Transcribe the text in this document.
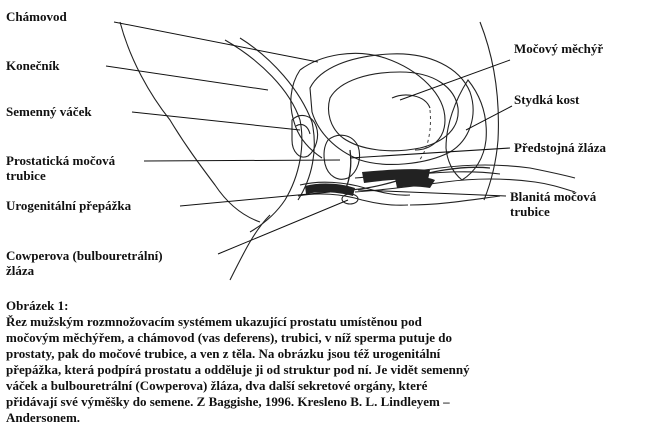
Chámovod
Konečník
Semenný váček
Prostatická močová
trubice
Urogenitální přepážka
Cowperova (bulbouretrální)
žláza
Močový měchýř
Stydká kost
Předstojná žláza
Blanitá močová
trubice
Obrázek 1:
Řez mužským rozmnožovacím systémem ukazující prostatu umístěnou pod
močovým měchýřem, a chámovod (vas deferens), trubici, v níž sperma putuje do
prostaty, pak do močové trubice, a ven z těla. Na obrázku jsou též urogenitální
přepážka, která podpírá prostatu a odděluje ji od struktur pod ní. Je vidět semenný
váček a bulbouretrální (Cowperova) žláza, dva další sekretové orgány, které
přidávají své výměšky do semene. Z Baggishe, 1996. Kresleno B. L. Lindleyem –
Andersonem.
